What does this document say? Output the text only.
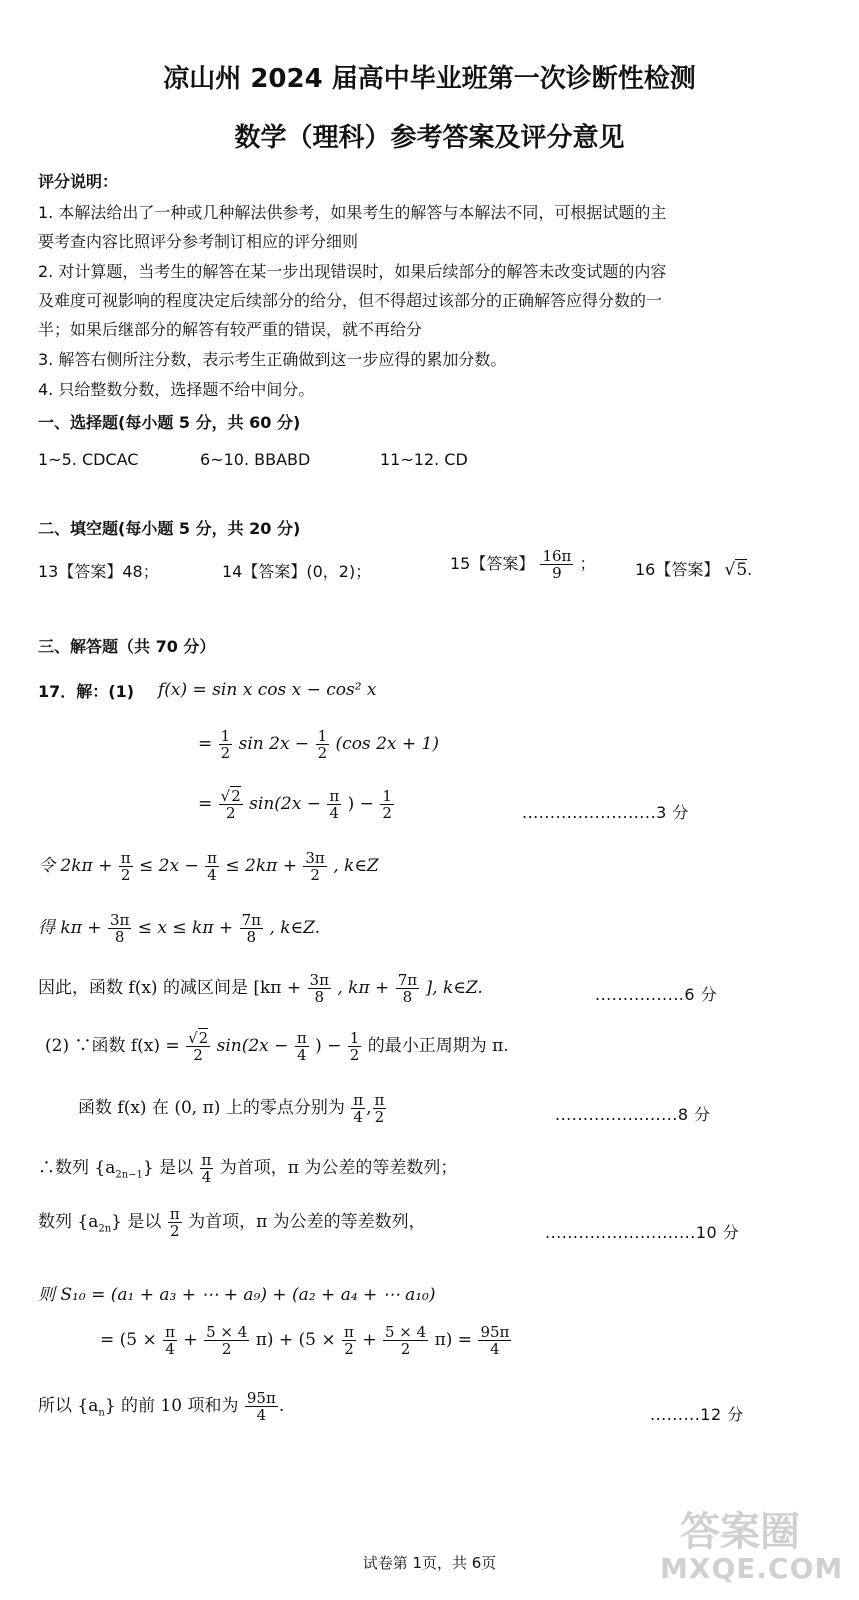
凉山州 2024 届高中毕业班第一次诊断性检测
数学（理科）参考答案及评分意见
评分说明：
1. 本解法给出了一种或几种解法供参考，如果考生的解答与本解法不同，可根据试题的主
要考查内容比照评分参考制订相应的评分细则
2. 对计算题，当考生的解答在某一步出现错误时，如果后续部分的解答未改变试题的内容
及难度可视影响的程度决定后续部分的给分，但不得超过该部分的正确解答应得分数的一
半；如果后继部分的解答有较严重的错误，就不再给分
3. 解答右侧所注分数，表示考生正确做到这一步应得的累加分数。
4. 只给整数分数，选择题不给中间分。
一、选择题(每小题 5 分，共 60 分)
1~5. CDCAC	6~10. BBABD	11~12. CD
二、填空题(每小题 5 分，共 20 分)
13【答案】48；	14【答案】(0，2)；	15【答案】 $\frac{16\pi}{9}$ ； 16【答案】 √5.
三、解答题（共 70 分）
17．解：(1) f(x) = sin x cos x − cos² x
= $\frac{1}{2}$ $\sin 2x - \frac{1}{2} (\cos$ 2x + 1)
= $\frac{√2}{2} \sin(2x - \frac{\pi}{4}$ ) − $\frac{1}{2}$	........................3 分
令 $2k\pi + \frac{\pi}{2} \le 2x - \frac{\pi}{4} \le 2k\pi + \frac{3\pi}{2}$ , k∈Z
得 $k\pi + \frac{3\pi}{8} \le x \le k\pi + \frac{7\pi}{8}$ , k∈Z.
因此，函数 f(x) 的减区间是 [$k\pi + \frac{3\pi}{8}$ , $k\pi + \frac{7\pi}{8}$ ], k∈Z.	................6 分
(2) ∵函数 $f(x) = \frac{√2}{2} \sin(2x - \frac{\pi}{4}$ ) − $\frac{1}{2}$ 的最小正周期为 π.
函数 f(x) 在 (0, π) 上的零点分别为 $\frac{\pi}{4}$ , $\frac{\pi}{2}$	......................8 分
∴数列 $\{a_{2n-1}\}$ 是以 $\frac{\pi}{4}$ 为首项，π 为公差的等差数列；
数列 $\{a_{2n}\}$ 是以 $\frac{\pi}{2}$ 为首项，π 为公差的等差数列，
...........................10 分
则 S₁₀ = (a₁ + a₃ + ⋯ + a₉) + (a₂ + a₄ + ⋯ a₁₀)
= $(5 \times \frac{\pi}{4} + \frac{5 \times 4}{2} \pi) + (5 \times \frac{\pi}{2} + \frac{5 \times 4}{2} \pi) = \frac{95\pi}{4}$
所以 $\{a_n\}$ 的前 10 项和为 $\frac{95\pi}{4}$ .	.........12 分
答案圈
MXQE.COM
试卷第 1页，共 6页
